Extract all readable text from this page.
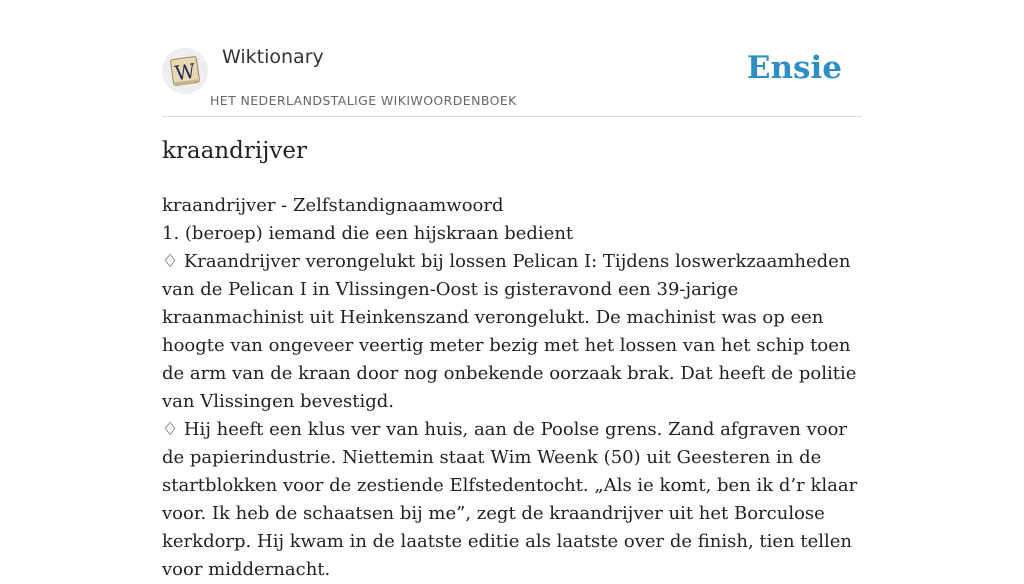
W
Wiktionary
HET NEDERLANDSTALIGE WIKIWOORDENBOEK
Ensie
kraandrijver

kraandrijver - Zelfstandignaamwoord

1. (beroep) iemand die een hijskraan bedient

♢ Kraandrijver verongelukt bij lossen Pelican I: Tijdens loswerkzaamheden van de Pelican I in Vlissingen-Oost is gisteravond een 39-jarige kraanmachinist uit Heinkenszand verongelukt. De machinist was op een hoogte van ongeveer veertig meter bezig met het lossen van het schip toen de arm van de kraan door nog onbekende oorzaak brak. Dat heeft de politie van Vlissingen bevestigd.

♢ Hij heeft een klus ver van huis, aan de Poolse grens. Zand afgraven voor de papierindustrie. Niettemin staat Wim Weenk (50) uit Geesteren in de startblokken voor de zestiende Elfstedentocht. „Als ie komt, ben ik d’r klaar voor. Ik heb de schaatsen bij me”, zegt de kraandrijver uit het Borculose kerkdorp. Hij kwam in de laatste editie als laatste over de finish, tien tellen voor middernacht.
